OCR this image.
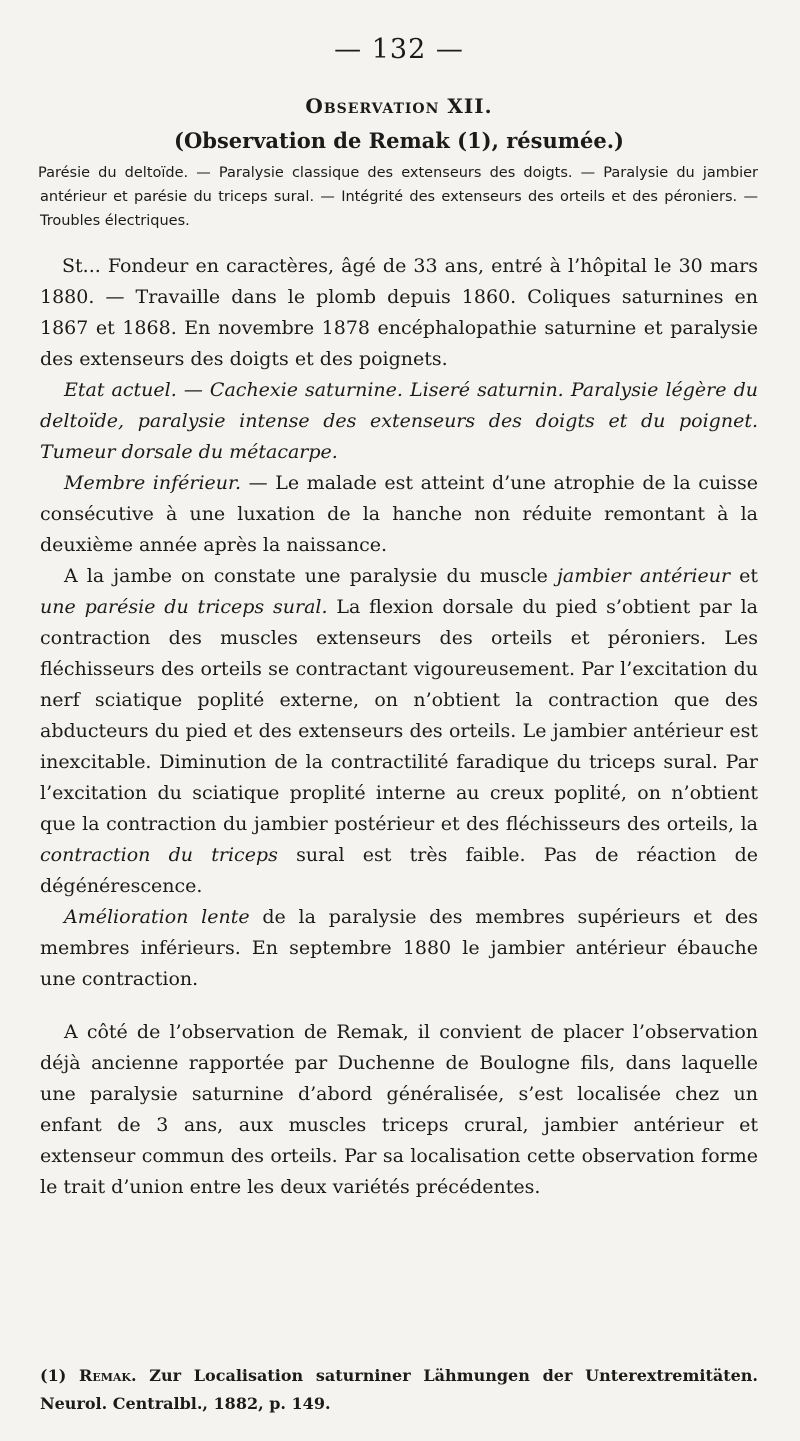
— 132 —
Observation XII.
(Observation de Remak (1), résumée.)
Parésie du deltoïde. — Paralysie classique des extenseurs des doigts. — Paralysie du jambier antérieur et parésie du triceps sural. — Intégrité des extenseurs des orteils et des péroniers. — Troubles électriques.

St... Fondeur en caractères, âgé de 33 ans, entré à l’hôpital le 30 mars 1880. — Travaille dans le plomb depuis 1860. Coliques saturnines en 1867 et 1868. En novembre 1878 encéphalopathie saturnine et paralysie des extenseurs des doigts et des poignets.

Etat actuel. — Cachexie saturnine. Liseré saturnin. Paralysie légère du deltoïde, paralysie intense des extenseurs des doigts et du poignet. Tumeur dorsale du métacarpe.

Membre inférieur. — Le malade est atteint d’une atrophie de la cuisse consécutive à une luxation de la hanche non réduite remontant à la deuxième année après la naissance.

A la jambe on constate une paralysie du muscle jambier antérieur et une parésie du triceps sural. La flexion dorsale du pied s’obtient par la contraction des muscles extenseurs des orteils et péroniers. Les fléchisseurs des orteils se contractant vigoureusement. Par l’excitation du nerf sciatique poplité externe, on n’obtient la contraction que des abducteurs du pied et des extenseurs des orteils. Le jambier antérieur est inexcitable. Diminution de la contractilité faradique du triceps sural. Par l’excitation du sciatique proplité interne au creux poplité, on n’obtient que la contraction du jambier postérieur et des fléchisseurs des orteils, la contraction du triceps sural est très faible. Pas de réaction de dégénérescence.

Amélioration lente de la paralysie des membres supérieurs et des membres inférieurs. En septembre 1880 le jambier antérieur ébauche une contraction.

A côté de l’observation de Remak, il convient de placer l’observation déjà ancienne rapportée par Duchenne de Boulogne fils, dans laquelle une paralysie saturnine d’abord généralisée, s’est localisée chez un enfant de 3 ans, aux muscles triceps crural, jambier antérieur et extenseur commun des orteils. Par sa localisation cette observation forme le trait d’union entre les deux variétés précédentes.

(1) Remak. Zur Localisation saturniner Lähmungen der Unterextremitäten. Neurol. Centralbl., 1882, p. 149.
